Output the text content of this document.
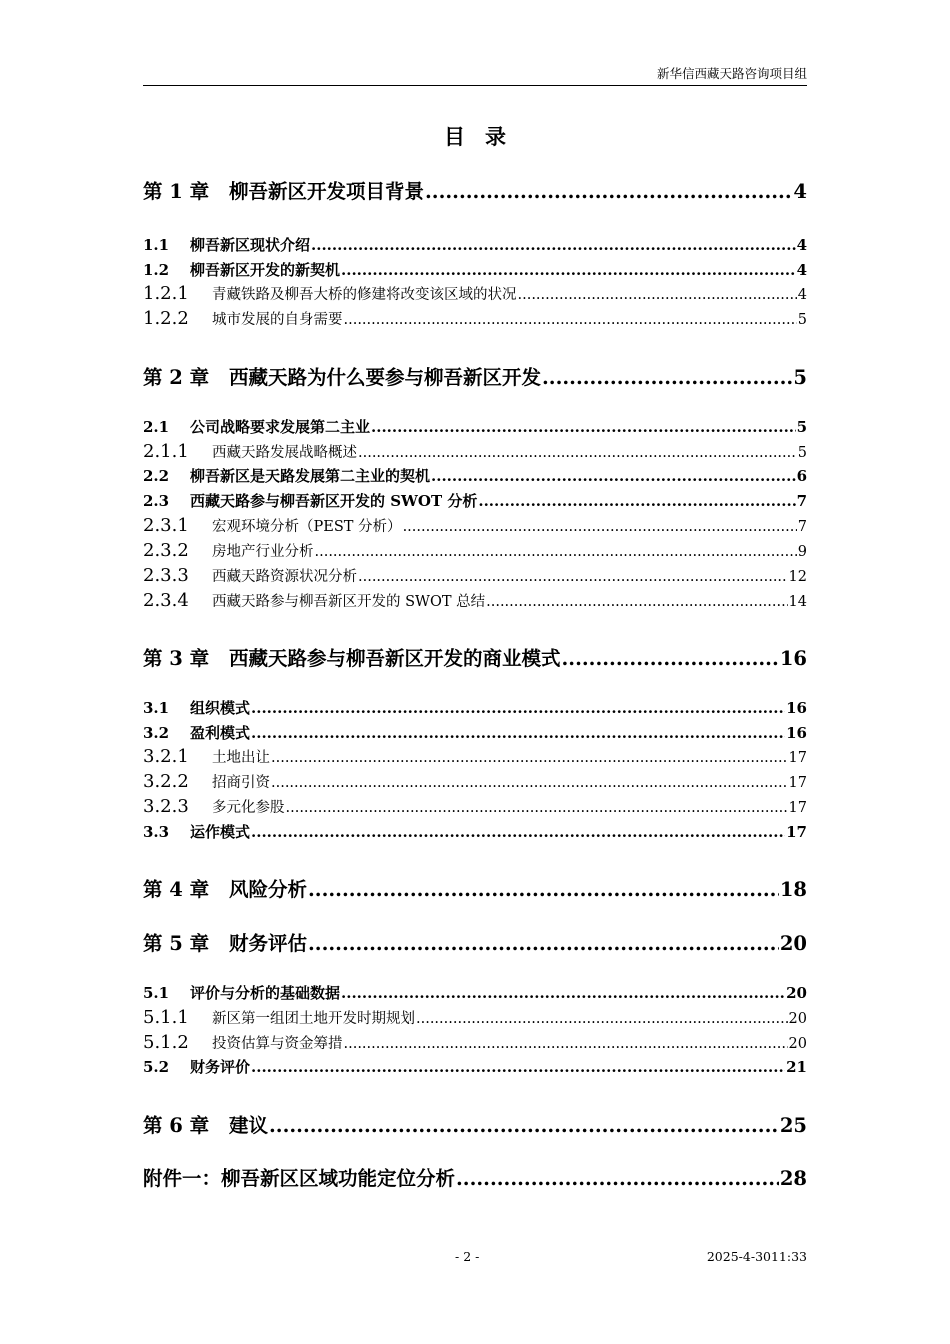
新华信西藏天路咨询项目组
目录
第 1 章	柳吾新区开发项目背景 .....	4
1.1	柳吾新区现状介绍 .....	4
1.2	柳吾新区开发的新契机 .....	4
1.2.1	青藏铁路及柳吾大桥的修建将改变该区域的状况 .....	4
1.2.2	城市发展的自身需要 .....	5
第 2 章	西藏天路为什么要参与柳吾新区开发 .....	5
2.1	公司战略要求发展第二主业 .....	5
2.1.1	西藏天路发展战略概述 .....	5
2.2	柳吾新区是天路发展第二主业的契机 .....	6
2.3	西藏天路参与柳吾新区开发的 SWOT 分析 .....	7
2.3.1	宏观环境分析（PEST 分析） .....	7
2.3.2	房地产行业分析 .....	9
2.3.3	西藏天路资源状况分析 .....	12
2.3.4	西藏天路参与柳吾新区开发的 SWOT 总结 .....	14
第 3 章	西藏天路参与柳吾新区开发的商业模式 .....	16
3.1	组织模式 .....	16
3.2	盈利模式 .....	16
3.2.1	土地出让 .....	17
3.2.2	招商引资 .....	17
3.2.3	多元化参股 .....	17
3.3	运作模式 .....	17
第 4 章	风险分析 .....	18
第 5 章	财务评估 .....	20
5.1	评价与分析的基础数据 .....	20
5.1.1	新区第一组团土地开发时期规划 .....	20
5.1.2	投资估算与资金筹措 .....	20
5.2	财务评价 .....	21
第 6 章	建议 .....	25
附件一：柳吾新区区域功能定位分析 .....	28
- 2 -	2025-4-3011:33
